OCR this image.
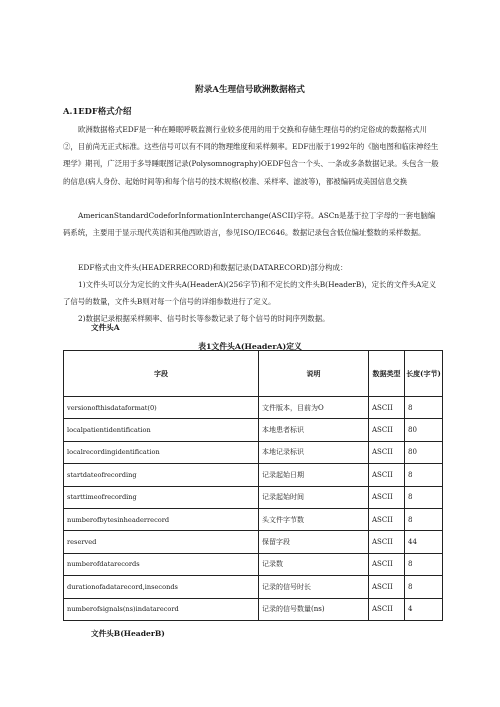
附录A生理信号欧洲数据格式
A.1EDF格式介绍

欧洲数据格式EDF是一种在睡眠呼吸监测行业较多使用的用于交换和存储生理信号的约定俗成的数据格式川②，目前尚无正式标准。这些信号可以有不同的物理维度和采样频率。EDF出版于1992年的《脑电图和临床神经生理学》期刊，广泛用于多导睡眠图记录(Polysomnography)OEDF包含一个头、一条或多条数据记录。头包含一般的信息(病人身份、起始时间等)和每个信号的技术规格(校准、采样率、滤波等)，都被编码成美国信息交换

AmericanStandardCodeforInformationInterchange(ASCII)字符。ASCn是基于拉丁字母的一套电脑编码系统，主要用于显示现代英语和其他西欧语言，参见ISO/IEC646。数据记录包含低位编址整数的采样数据。

EDF格式由文件头(HEADERRECORD)和数据记录(DATARECORD)部分构成：

1)文件头可以分为定长的文件头A(HeaderA)(256字节)和不定长的文件头B(HeaderB)，定长的文件头A定义了信号的数量，文件头B则对每一个信号的详细参数进行了定义。

2)数据记录根据采样频率、信号时长等参数记录了每个信号的时间序列数据。

文件头A
表1文件头A(HeaderA)定义
字段	说明	数据类型	长度(字节)
versionofthisdataformat(0)	文件版本，目前为O	ASCII	8
localpatientidentification	本地患者标识	ASCII	80
localrecordingidentification	本地记录标识	ASCII	80
startdateofrecording	记录起始日期	ASCII	8
starttimeofrecording	记录起始时间	ASCII	8
numberofbytesinheaderrecord	头文件字节数	ASCII	8
reserved	保留字段	ASCII	44
numberofdatarecords	记录数	ASCII	8
durationofadatarecord,inseconds	记录的信号时长	ASCII	8
numberofsignals(ns)indatarecord	记录的信号数量(ns)	ASCII	4
文件头B(HeaderB)
